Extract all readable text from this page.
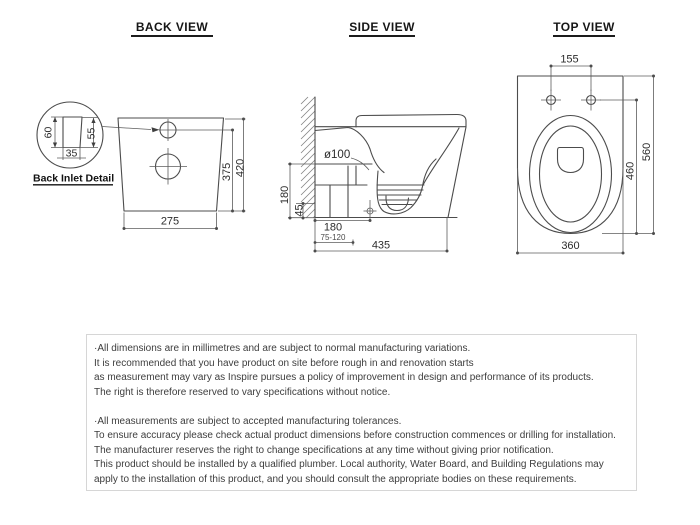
BACK VIEW	SIDE VIEW	TOP VIEW
60	55
35
Back Inlet Detail	375 420
275
ø100
180
45
180
75-120
435
155
460
560
360
·All dimensions are in millimetres and are subject to normal manufacturing variations.
It is recommended that you have product on site before rough in and renovation starts
as measurement may vary as Inspire pursues a policy of improvement in design and performance of its products.
The right is therefore reserved to vary specifications without notice.
·All measurements are subject to accepted manufacturing tolerances.
To ensure accuracy please check actual product dimensions before construction commences or drilling for installation.
The manufacturer reserves the right to change specifications at any time without giving prior notification.
This product should be installed by a qualified plumber. Local authority, Water Board, and Building Regulations may
apply to the installation of this product, and you should consult the appropriate bodies on these requirements.
